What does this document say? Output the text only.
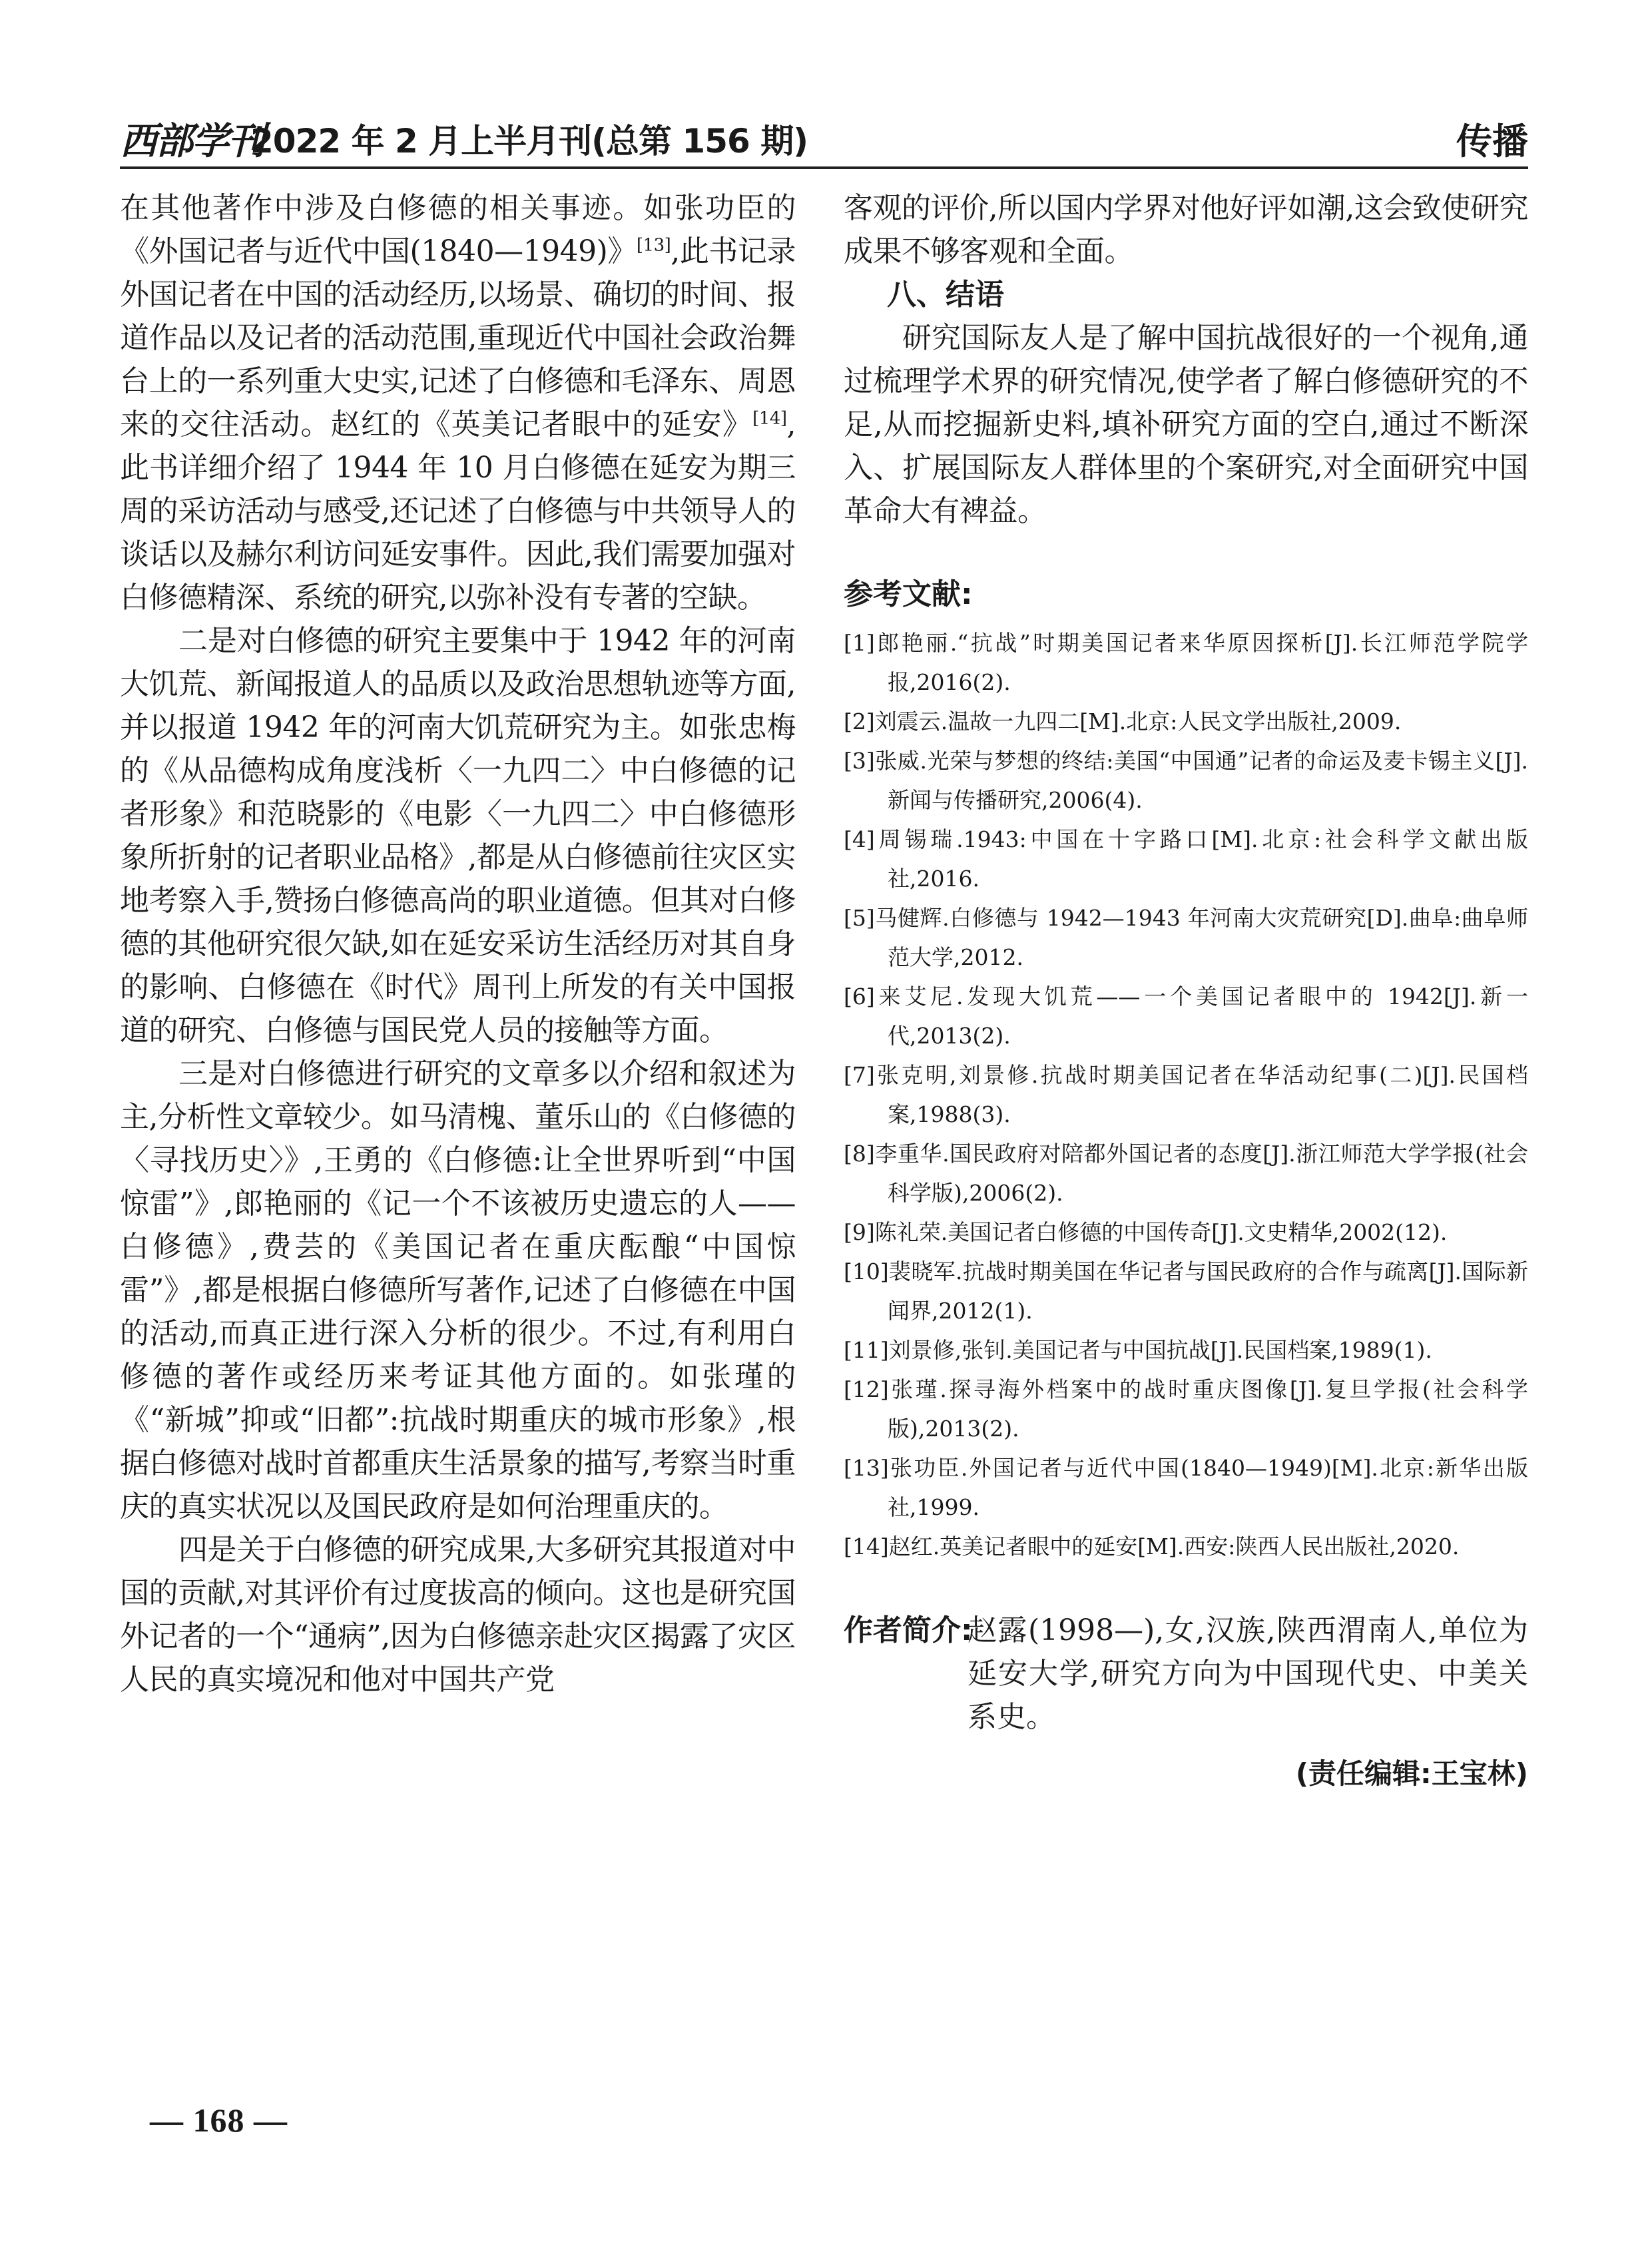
西部学刊
2022 年 2 月上半月刊(总第 156 期)	传播

在其他著作中涉及白修德的相关事迹。如张功臣的《外国记者与近代中国(1840—1949)》[13],此书记录外国记者在中国的活动经历,以场景、确切的时间、报道作品以及记者的活动范围,重现近代中国社会政治舞台上的一系列重大史实,记述了白修德和毛泽东、周恩来的交往活动。赵红的《英美记者眼中的延安》[14],此书详细介绍了 1944 年 10 月白修德在延安为期三周的采访活动与感受,还记述了白修德与中共领导人的谈话以及赫尔利访问延安事件。因此,我们需要加强对白修德精深、系统的研究,以弥补没有专著的空缺。

二是对白修德的研究主要集中于 1942 年的河南大饥荒、新闻报道人的品质以及政治思想轨迹等方面,并以报道 1942 年的河南大饥荒研究为主。如张忠梅的《从品德构成角度浅析〈一九四二〉中白修德的记者形象》和范晓影的《电影〈一九四二〉中白修德形象所折射的记者职业品格》,都是从白修德前往灾区实地考察入手,赞扬白修德高尚的职业道德。但其对白修德的其他研究很欠缺,如在延安采访生活经历对其自身的影响、白修德在《时代》周刊上所发的有关中国报道的研究、白修德与国民党人员的接触等方面。

三是对白修德进行研究的文章多以介绍和叙述为主,分析性文章较少。如马清槐、董乐山的《白修德的〈寻找历史〉》,王勇的《白修德:让全世界听到“中国惊雷”》,郎艳丽的《记一个不该被历史遗忘的人——白修德》,费芸的《美国记者在重庆酝酿“中国惊雷”》,都是根据白修德所写著作,记述了白修德在中国的活动,而真正进行深入分析的很少。不过,有利用白修德的著作或经历来考证其他方面的。如张瑾的《“新城”抑或“旧都”:抗战时期重庆的城市形象》,根据白修德对战时首都重庆生活景象的描写,考察当时重庆的真实状况以及国民政府是如何治理重庆的。

四是关于白修德的研究成果,大多研究其报道对中国的贡献,对其评价有过度拔高的倾向。这也是研究国外记者的一个“通病”,因为白修德亲赴灾区揭露了灾区人民的真实境况和他对中国共产党

客观的评价,所以国内学界对他好评如潮,这会致使研究成果不够客观和全面。

八、结语

研究国际友人是了解中国抗战很好的一个视角,通过梳理学术界的研究情况,使学者了解白修德研究的不足,从而挖掘新史料,填补研究方面的空白,通过不断深入、扩展国际友人群体里的个案研究,对全面研究中国革命大有裨益。

参考文献:
[1]郎艳丽.“抗战”时期美国记者来华原因探析[J].长江师范学院学报,2016(2).
[2]刘震云.温故一九四二[M].北京:人民文学出版社,2009.
[3]张威.光荣与梦想的终结:美国“中国通”记者的命运及麦卡锡主义[J].新闻与传播研究,2006(4).
[4]周锡瑞.1943:中国在十字路口[M].北京:社会科学文献出版社,2016.
[5]马健辉.白修德与 1942—1943 年河南大灾荒研究[D].曲阜:曲阜师范大学,2012.
[6]来艾尼.发现大饥荒——一个美国记者眼中的 1942[J].新一代,2013(2).
[7]张克明,刘景修.抗战时期美国记者在华活动纪事(二)[J].民国档案,1988(3).
[8]李重华.国民政府对陪都外国记者的态度[J].浙江师范大学学报(社会科学版),2006(2).
[9]陈礼荣.美国记者白修德的中国传奇[J].文史精华,2002(12).
[10]裴晓军.抗战时期美国在华记者与国民政府的合作与疏离[J].国际新闻界,2012(1).
[11]刘景修,张钊.美国记者与中国抗战[J].民国档案,1989(1).
[12]张瑾.探寻海外档案中的战时重庆图像[J].复旦学报(社会科学版),2013(2).
[13]张功臣.外国记者与近代中国(1840—1949)[M].北京:新华出版社,1999.
[14]赵红.英美记者眼中的延安[M].西安:陕西人民出版社,2020.
作者简介:
赵露(1998—),女,汉族,陕西渭南人,单位为延安大学,研究方向为中国现代史、中美关系史。
(责任编辑:王宝林)
— 168 —
